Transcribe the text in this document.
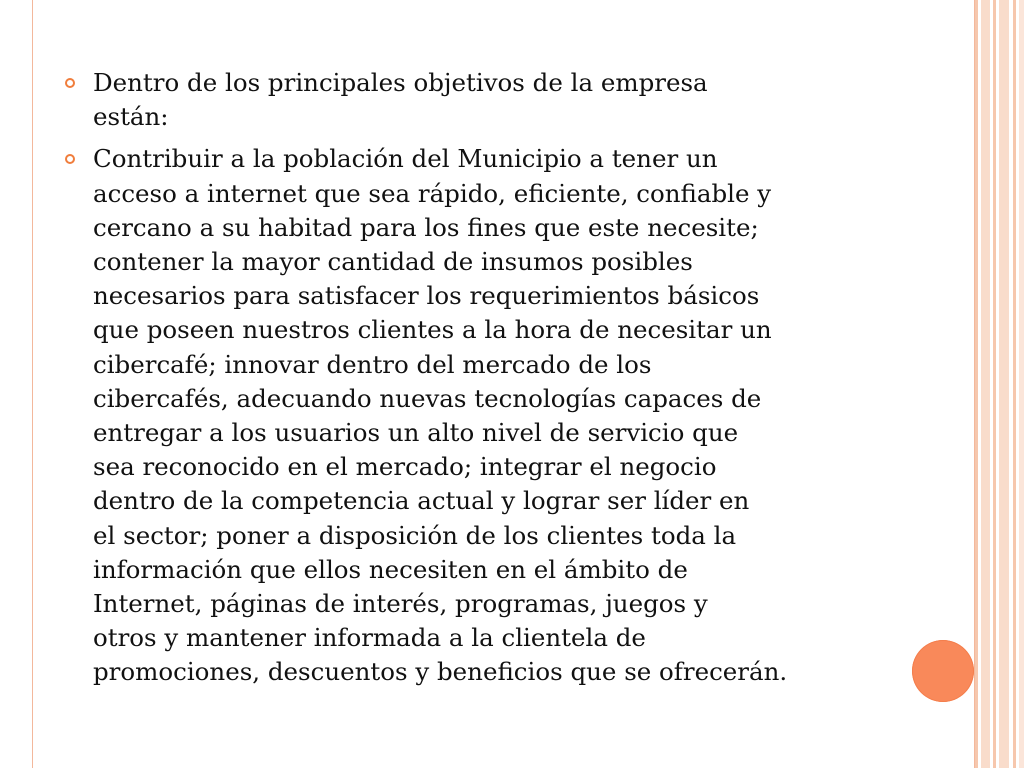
Dentro de los principales objetivos de la empresa
están:
Contribuir a la población del Municipio a tener un
acceso a internet que sea rápido, eficiente, confiable y
cercano a su habitad para los fines que este necesite;
contener la mayor cantidad de insumos posibles
necesarios para satisfacer los requerimientos básicos
que poseen nuestros clientes a la hora de necesitar un
cibercafé; innovar dentro del mercado de los
cibercafés, adecuando nuevas tecnologías capaces de
entregar a los usuarios un alto nivel de servicio que
sea reconocido en el mercado; integrar el negocio
dentro de la competencia actual y lograr ser líder en
el sector; poner a disposición de los clientes toda la
información que ellos necesiten en el ámbito de
Internet, páginas de interés, programas, juegos y
otros y mantener informada a la clientela de
promociones, descuentos y beneficios que se ofrecerán.
